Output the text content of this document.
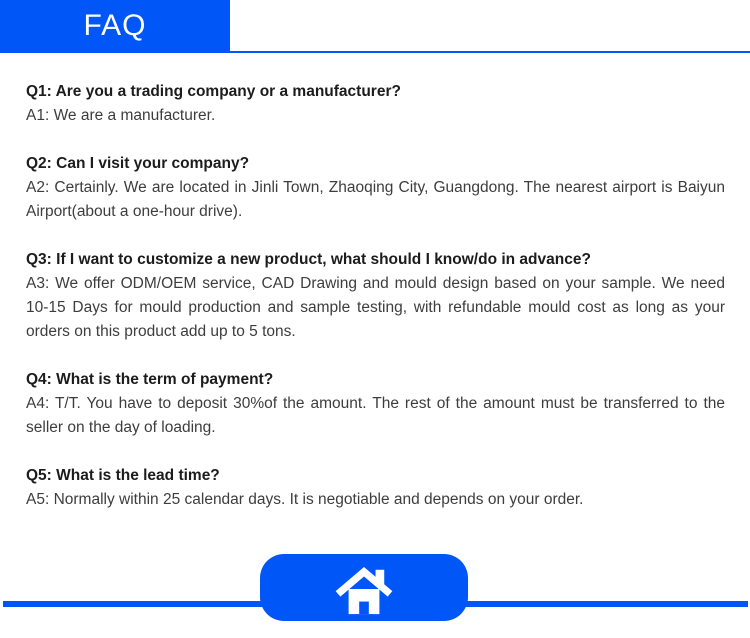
FAQ

Q1: Are you a trading company or a manufacturer?

A1: We are a manufacturer.

Q2: Can I visit your company?

A2: Certainly. We are located in Jinli Town, Zhaoqing City, Guangdong. The nearest airport is Baiyun Airport(about a one-hour drive).

Q3: If I want to customize a new product, what should I know/do in advance?

A3: We offer ODM/OEM service, CAD Drawing and mould design based on your sample. We need 10-15 Days for mould production and sample testing, with refundable mould cost as long as your orders on this product add up to 5 tons.

Q4: What is the term of payment?

A4: T/T. You have to deposit 30%of the amount. The rest of the amount must be transferred to the seller on the day of loading.

Q5: What is the lead time?

A5: Normally within 25 calendar days. It is negotiable and depends on your order.
